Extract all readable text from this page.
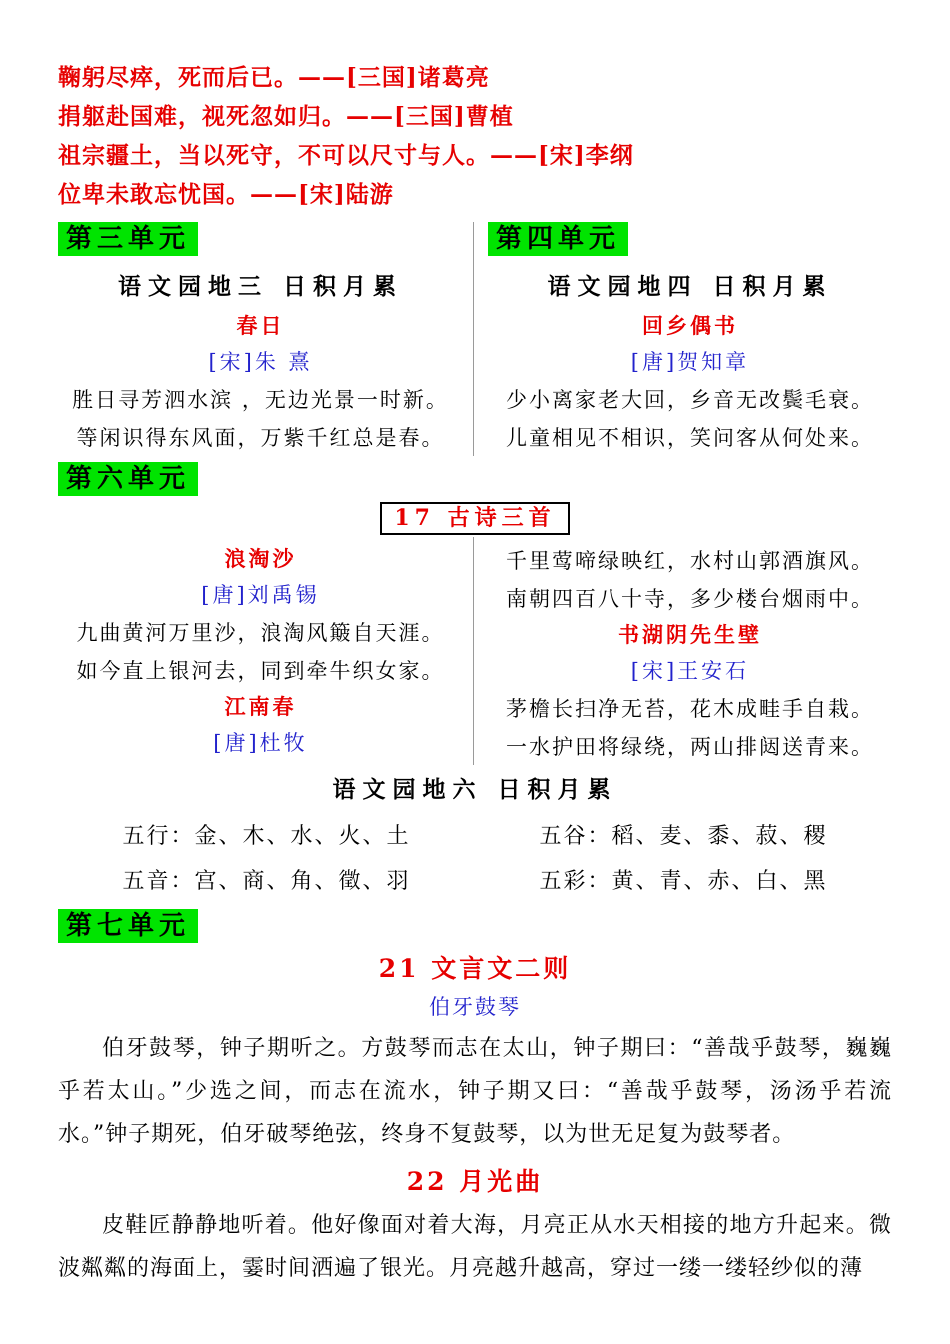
鞠躬尽瘁，死而后已。——[三国]诸葛亮
捐躯赴国难，视死忽如归。——[三国]曹植
祖宗疆土，当以死守，不可以尺寸与人。——[宋]李纲
位卑未敢忘忧国。——[宋]陆游
第三单元
语文园地三 日积月累
春日
[宋]朱 熹
胜日寻芳泗水滨 ，无边光景一时新。
等闲识得东风面，万紫千红总是春。
第四单元
语文园地四 日积月累
回乡偶书
[唐]贺知章
少小离家老大回，乡音无改鬓毛衰。
儿童相见不相识，笑问客从何处来。
第六单元
17 古诗三首
浪淘沙
[唐]刘禹锡
九曲黄河万里沙，浪淘风簸自天涯。
如今直上银河去，同到牵牛织女家。
江南春
[唐]杜牧
千里莺啼绿映红，水村山郭酒旗风。
南朝四百八十寺，多少楼台烟雨中。
书湖阴先生壁
[宋]王安石
茅檐长扫净无苔，花木成畦手自栽。
一水护田将绿绕，两山排闼送青来。
语文园地六 日积月累
五行：金、木、水、火、土	五谷：稻、麦、黍、菽、稷
五音：宫、商、角、徵、羽	五彩：黄、青、赤、白、黑
第七单元
21 文言文二则
伯牙鼓琴

伯牙鼓琴，钟子期听之。方鼓琴而志在太山，钟子期曰：“善哉乎鼓琴，巍巍乎若太山。”少选之间，而志在流水，钟子期又曰：“善哉乎鼓琴，汤汤乎若流水。”钟子期死，伯牙破琴绝弦，终身不复鼓琴，以为世无足复为鼓琴者。

22 月光曲

皮鞋匠静静地听着。他好像面对着大海，月亮正从水天相接的地方升起来。微波粼粼的海面上，霎时间洒遍了银光。月亮越升越高，穿过一缕一缕轻纱似的薄
